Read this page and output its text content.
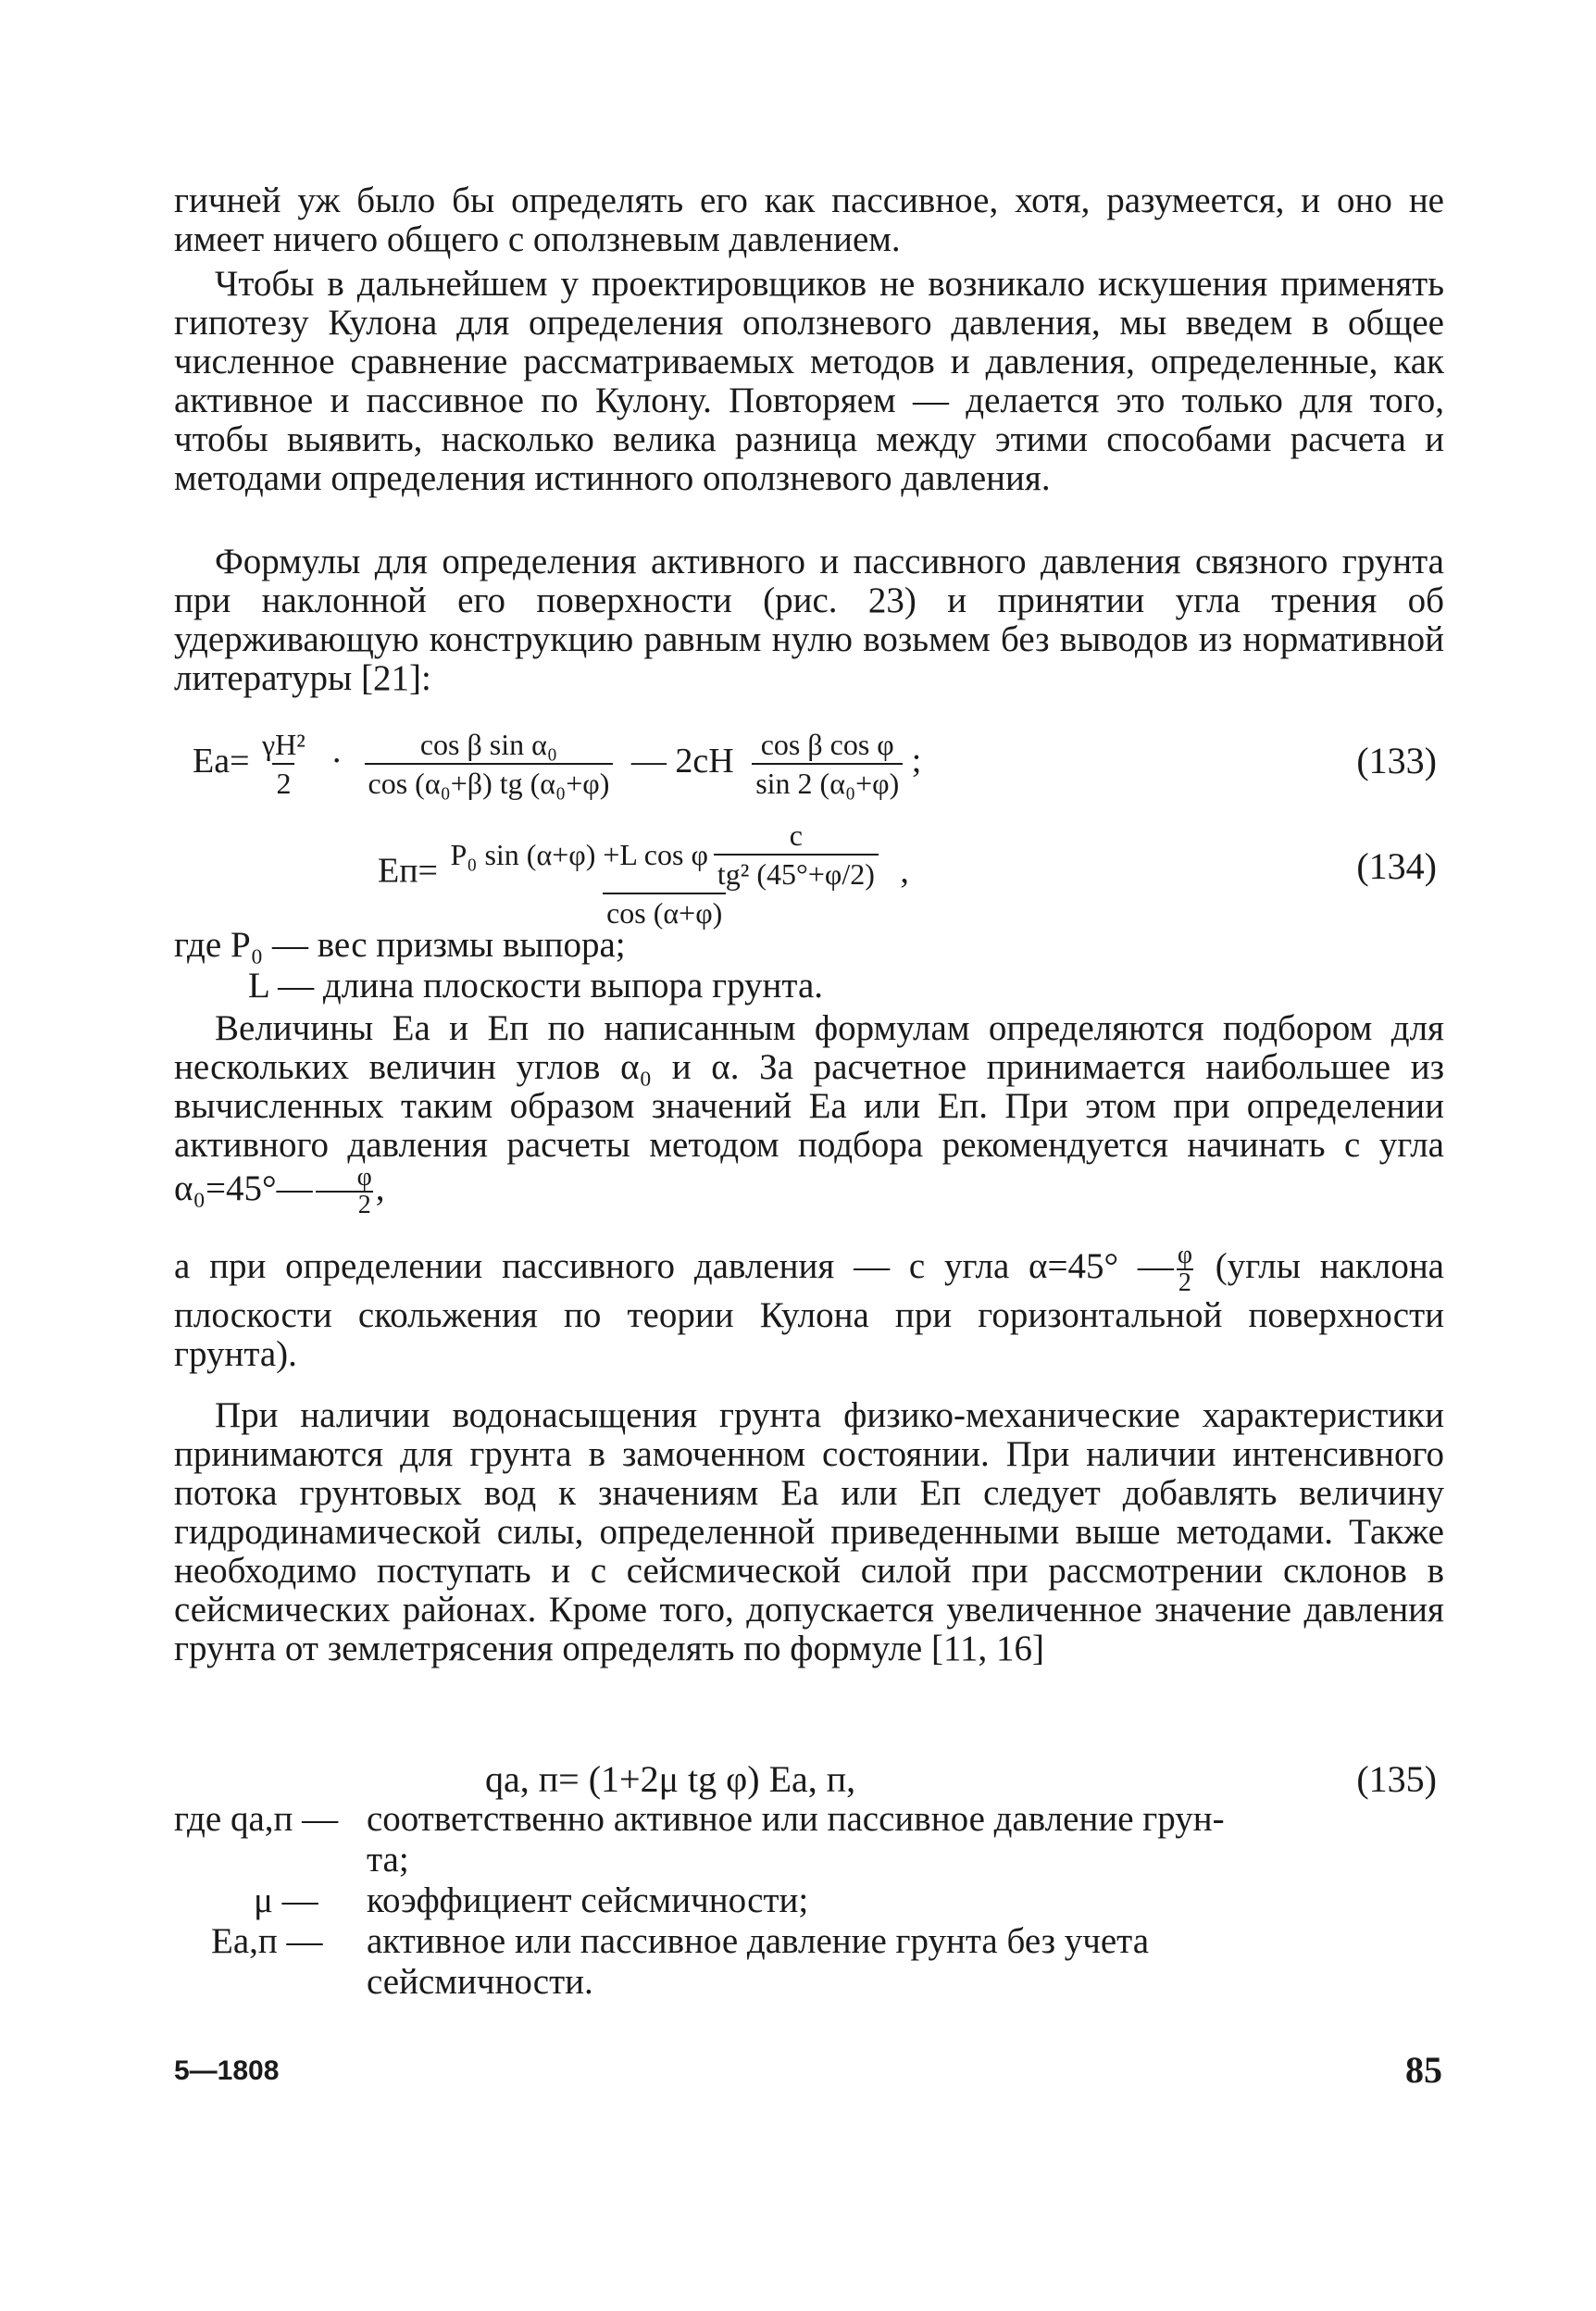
гичней уж было бы определять его как пассивное, хотя, разумеется, и оно не имеет ничего общего с оползневым давлением.

Чтобы в дальнейшем у проектировщиков не возникало искушения применять гипотезу Кулона для определения оползневого давления, мы введем в общее численное сравнение рассматриваемых методов и давления, определенные, как активное и пассивное по Кулону. Повторяем — делается это только для того, чтобы выявить, насколько велика разница между этими способами расчета и методами определения истинного оползневого давления.

Формулы для определения активного и пассивного давления связного грунта при наклонной его поверхности (рис. 23) и принятии угла трения об удерживающую конструкцию равным нулю возьмем без выводов из нормативной литературы [21]:

$Eа= \frac{\text{γH²}}{2} \cdot \frac{\text{cos β sin α₀}}{\text{cos (α₀+β) tg (α₀+φ)}}$ — $2cH \frac{\text{cos β cos φ}}{\text{sin 2 (α₀+φ)}}$ ;	(133)
Eп= P₀ sin (α+φ) +L cos φ $\frac{c}{\text{tg² (45°+φ/2)}}$
cos (α+φ)
,	(134)
где P₀ — вес призмы выпора;
L — длина плоскости выпора грунта.

Величины Eа и Eп по написанным формулам определяются подбором для нескольких величин углов α₀ и α. За расчетное принимается наибольшее из вычисленных таким образом значений Eа или Eп. При этом при определении активного давления расчеты методом подбора рекомендуется начинать с угла α₀=45°— $\frac{\varphi}{2}$ ,

а при определении пассивного давления — с угла α=45° — $\frac{\varphi}{2}$ (углы наклона плоскости скольжения по теории Кулона при горизонтальной поверхности грунта).

При наличии водонасыщения грунта физико-механические характеристики принимаются для грунта в замоченном состоянии. При наличии интенсивного потока грунтовых вод к значениям Eа или Eп следует добавлять величину гидродинамической силы, определенной приведенными выше методами. Также необходимо поступать и с сейсмической силой при рассмотрении склонов в сейсмических районах. Кроме того, допускается увеличенное значение давления грунта от землетрясения определять по формуле [11, 16]

qа, п= (1+2μ tg φ) Eа, п,	(135)
где qа,п — соответственно активное или пассивное давление грун-
та;
μ — коэффициент сейсмичности;
Eа,п — активное или пассивное давление грунта без учета
сейсмичности.
5—1808	85
